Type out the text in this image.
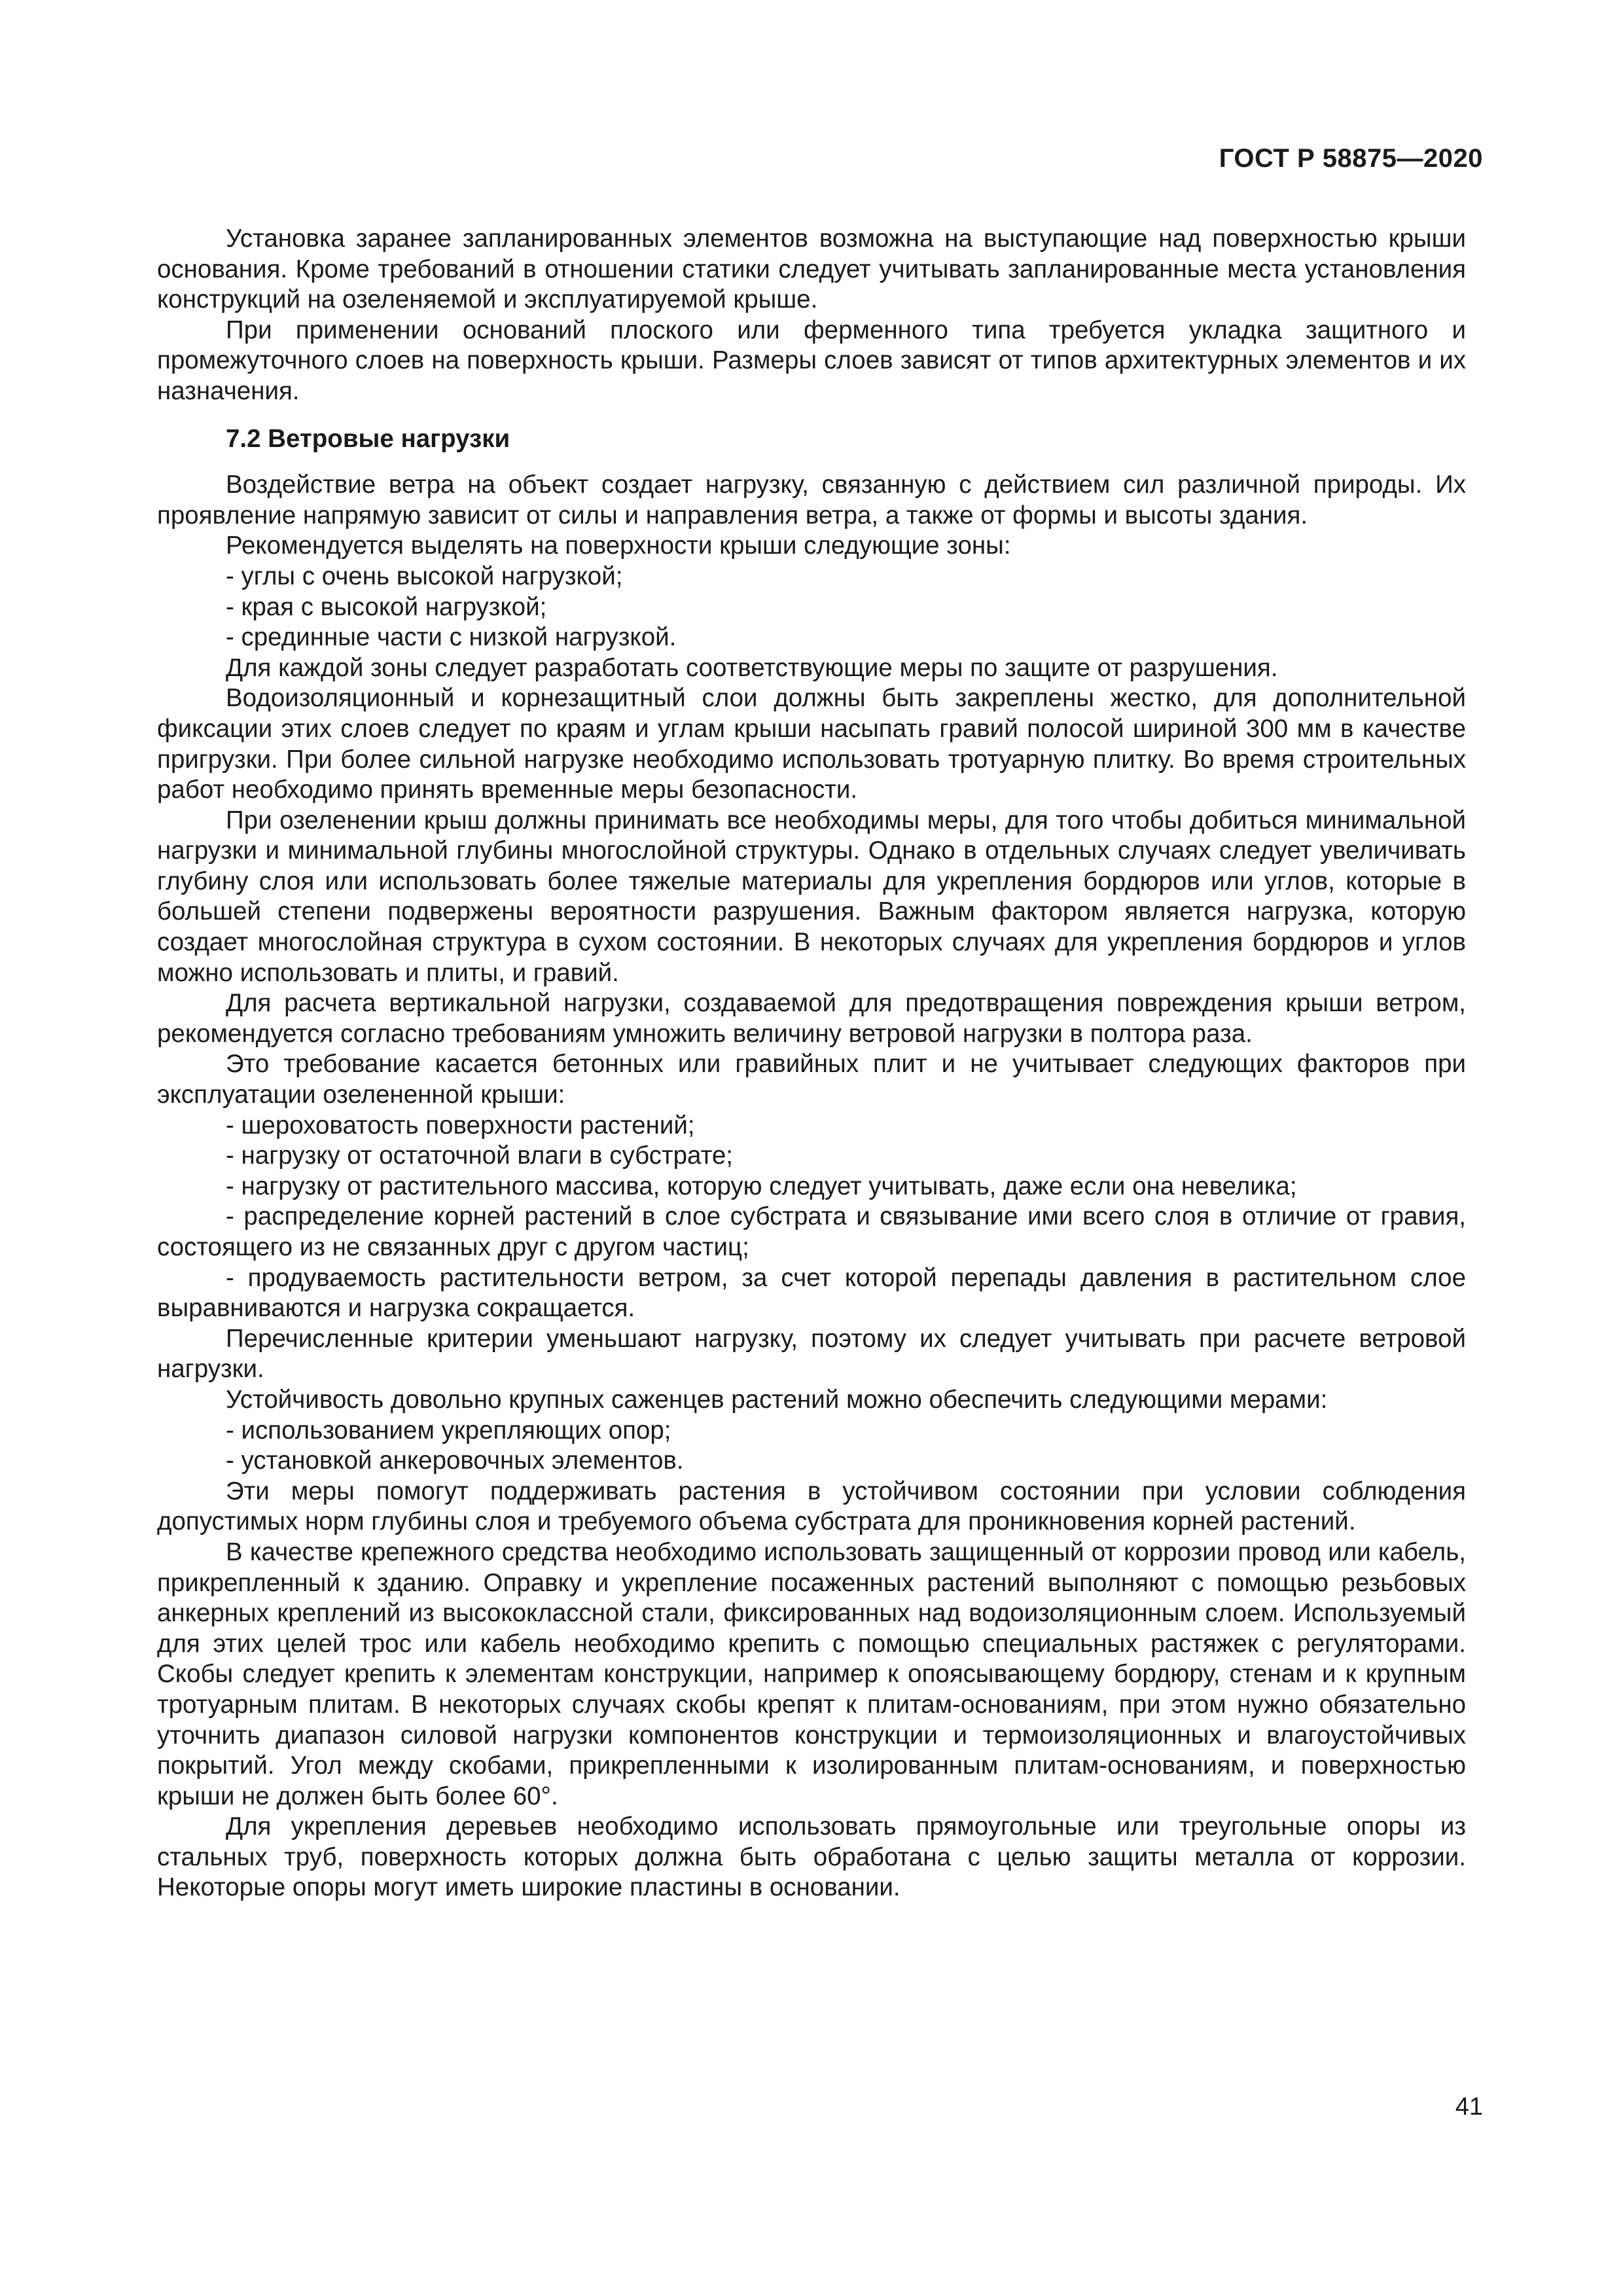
ГОСТ Р 58875—2020

Установка заранее запланированных элементов возможна на выступающие над поверхностью крыши основания. Кроме требований в отношении статики следует учитывать запланированные места установления конструкций на озеленяемой и эксплуатируемой крыше.

При применении оснований плоского или ферменного типа требуется укладка защитного и промежуточного слоев на поверхность крыши. Размеры слоев зависят от типов архитектурных элементов и их назначения.

7.2 Ветровые нагрузки

Воздействие ветра на объект создает нагрузку, связанную с действием сил различной природы. Их проявление напрямую зависит от силы и направления ветра, а также от формы и высоты здания.

Рекомендуется выделять на поверхности крыши следующие зоны:

- углы с очень высокой нагрузкой;

- края с высокой нагрузкой;

- срединные части с низкой нагрузкой.

Для каждой зоны следует разработать соответствующие меры по защите от разрушения.

Водоизоляционный и корнезащитный слои должны быть закреплены жестко, для дополнительной фиксации этих слоев следует по краям и углам крыши насыпать гравий полосой шириной 300 мм в качестве пригрузки. При более сильной нагрузке необходимо использовать тротуарную плитку. Во время строительных работ необходимо принять временные меры безопасности.

При озеленении крыш должны принимать все необходимы меры, для того чтобы добиться минимальной нагрузки и минимальной глубины многослойной структуры. Однако в отдельных случаях следует увеличивать глубину слоя или использовать более тяжелые материалы для укрепления бордюров или углов, которые в большей степени подвержены вероятности разрушения. Важным фактором является нагрузка, которую создает многослойная структура в сухом состоянии. В некоторых случаях для укрепления бордюров и углов можно использовать и плиты, и гравий.

Для расчета вертикальной нагрузки, создаваемой для предотвращения повреждения крыши ветром, рекомендуется согласно требованиям умножить величину ветровой нагрузки в полтора раза.

Это требование касается бетонных или гравийных плит и не учитывает следующих факторов при эксплуатации озелененной крыши:

- шероховатость поверхности растений;

- нагрузку от остаточной влаги в субстрате;

- нагрузку от растительного массива, которую следует учитывать, даже если она невелика;

- распределение корней растений в слое субстрата и связывание ими всего слоя в отличие от гравия, состоящего из не связанных друг с другом частиц;

- продуваемость растительности ветром, за счет которой перепады давления в растительном слое выравниваются и нагрузка сокращается.

Перечисленные критерии уменьшают нагрузку, поэтому их следует учитывать при расчете ветровой нагрузки.

Устойчивость довольно крупных саженцев растений можно обеспечить следующими мерами:

- использованием укрепляющих опор;

- установкой анкеровочных элементов.

Эти меры помогут поддерживать растения в устойчивом состоянии при условии соблюдения допустимых норм глубины слоя и требуемого объема субстрата для проникновения корней растений.

В качестве крепежного средства необходимо использовать защищенный от коррозии провод или кабель, прикрепленный к зданию. Оправку и укрепление посаженных растений выполняют с помощью резьбовых анкерных креплений из высококлассной стали, фиксированных над водоизоляционным слоем. Используемый для этих целей трос или кабель необходимо крепить с помощью специальных растяжек с регуляторами. Скобы следует крепить к элементам конструкции, например к опоясывающему бордюру, стенам и к крупным тротуарным плитам. В некоторых случаях скобы крепят к плитам-основаниям, при этом нужно обязательно уточнить диапазон силовой нагрузки компонентов конструкции и термоизоляционных и влагоустойчивых покрытий. Угол между скобами, прикрепленными к изолированным плитам-основаниям, и поверхностью крыши не должен быть более 60°.

Для укрепления деревьев необходимо использовать прямоугольные или треугольные опоры из стальных труб, поверхность которых должна быть обработана с целью защиты металла от коррозии. Некоторые опоры могут иметь широкие пластины в основании.

41
